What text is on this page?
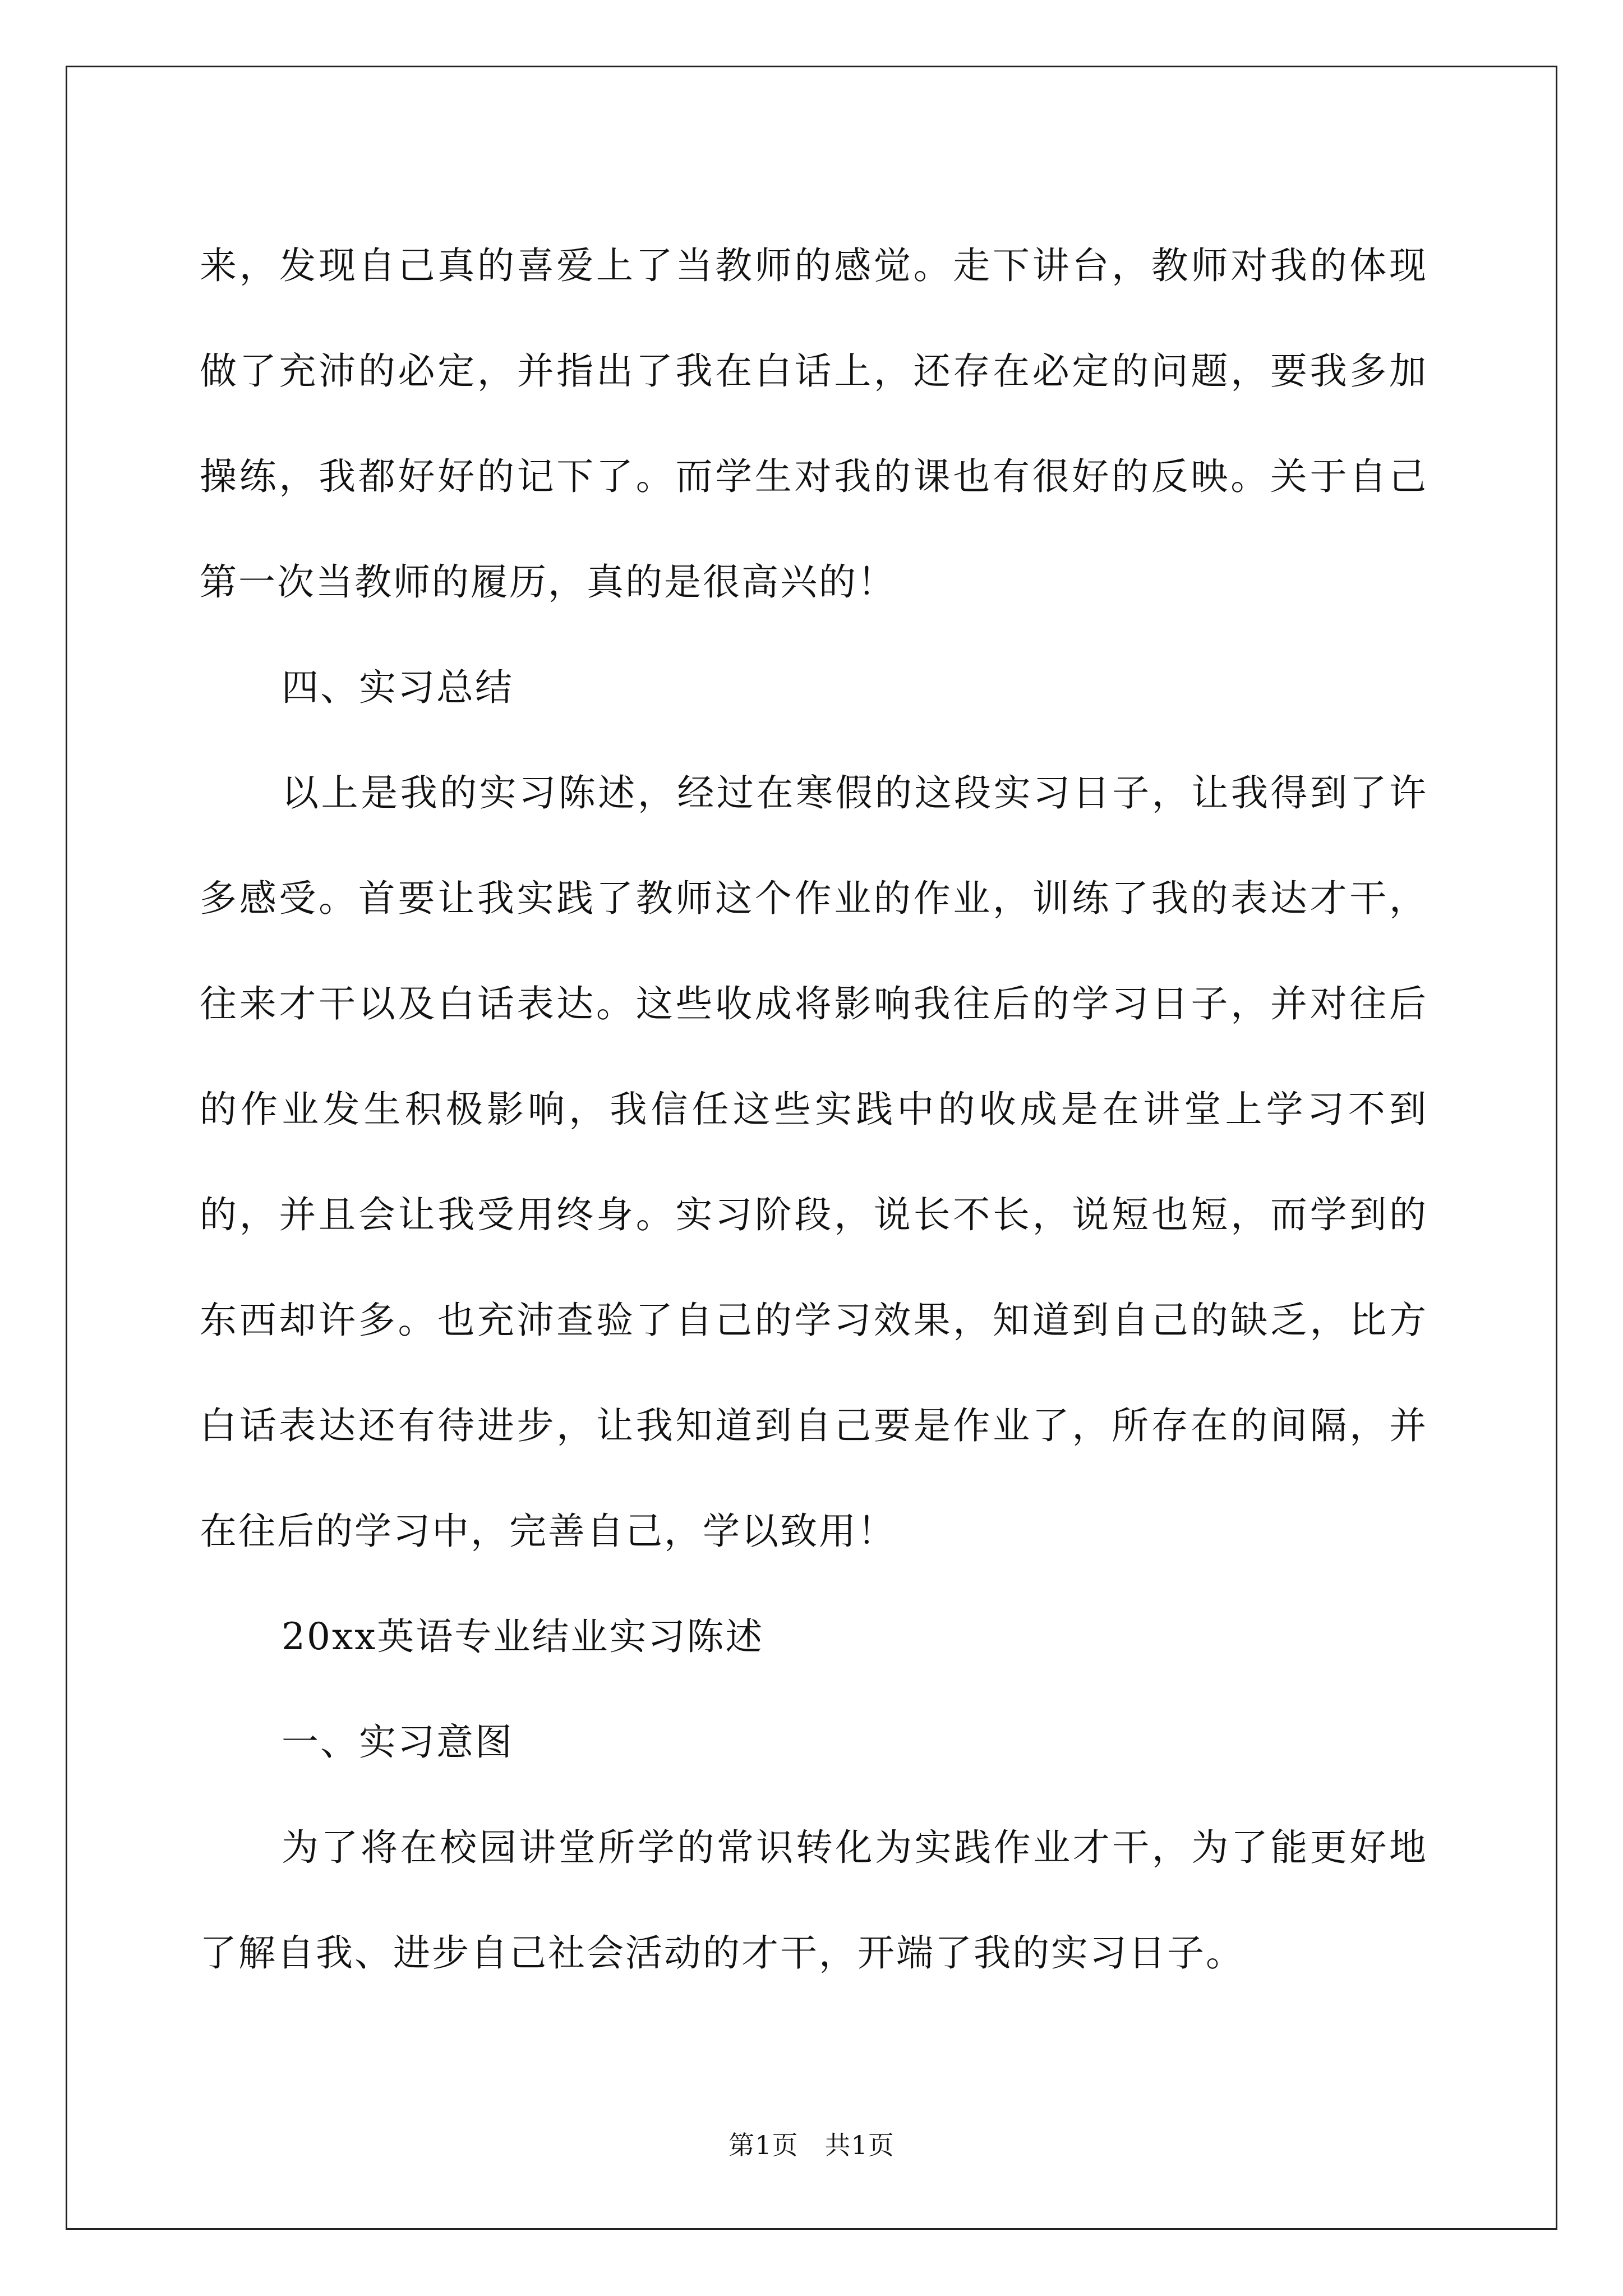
来，发现自己真的喜爱上了当教师的感觉。走下讲台，教师对我的体现做了充沛的必定，并指出了我在白话上，还存在必定的问题，要我多加操练，我都好好的记下了。而学生对我的课也有很好的反映。关于自己第一次当教师的履历，真的是很高兴的！

四、实习总结

以上是我的实习陈述，经过在寒假的这段实习日子，让我得到了许多感受。首要让我实践了教师这个作业的作业，训练了我的表达才干，往来才干以及白话表达。这些收成将影响我往后的学习日子，并对往后的作业发生积极影响，我信任这些实践中的收成是在讲堂上学习不到的，并且会让我受用终身。实习阶段，说长不长，说短也短，而学到的东西却许多。也充沛查验了自己的学习效果，知道到自己的缺乏，比方白话表达还有待进步，让我知道到自己要是作业了，所存在的间隔，并在往后的学习中，完善自己，学以致用！

20xx英语专业结业实习陈述

一、实习意图

为了将在校园讲堂所学的常识转化为实践作业才干，为了能更好地了解自我、进步自己社会活动的才干，开端了我的实习日子。

第1页 共1页
